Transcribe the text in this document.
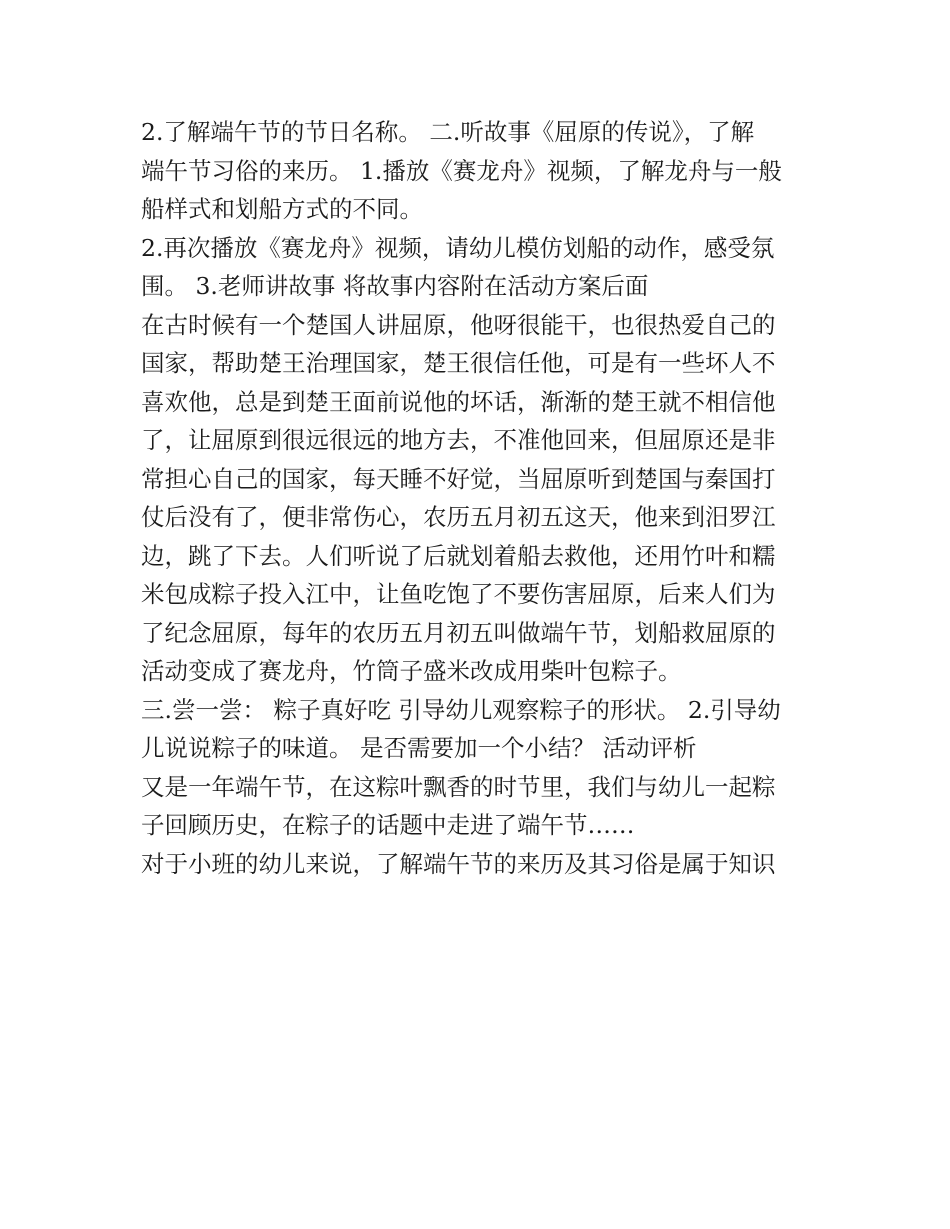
2.了解端午节的节日名称。 二.听故事《屈原的传说》，了解
端午节习俗的来历。 1.播放《赛龙舟》视频，了解龙舟与一般
船样式和划船方式的不同。

2.再次播放《赛龙舟》视频，请幼儿模仿划船的动作，感受氛
围。 3.老师讲故事 将故事内容附在活动方案后面

在古时候有一个楚国人讲屈原，他呀很能干，也很热爱自己的
国家，帮助楚王治理国家，楚王很信任他，可是有一些坏人不
喜欢他，总是到楚王面前说他的坏话，渐渐的楚王就不相信他
了，让屈原到很远很远的地方去，不准他回来，但屈原还是非
常担心自己的国家，每天睡不好觉，当屈原听到楚国与秦国打
仗后没有了，便非常伤心，农历五月初五这天，他来到汨罗江
边，跳了下去。人们听说了后就划着船去救他，还用竹叶和糯
米包成粽子投入江中，让鱼吃饱了不要伤害屈原，后来人们为
了纪念屈原，每年的农历五月初五叫做端午节，划船救屈原的
活动变成了赛龙舟，竹筒子盛米改成用柴叶包粽子。

三.尝一尝： 粽子真好吃 引导幼儿观察粽子的形状。 2.引导幼
儿说说粽子的味道。 是否需要加一个小结？ 活动评析

又是一年端午节，在这粽叶飘香的时节里，我们与幼儿一起粽
子回顾历史，在粽子的话题中走进了端午节……

对于小班的幼儿来说，了解端午节的来历及其习俗是属于知识
